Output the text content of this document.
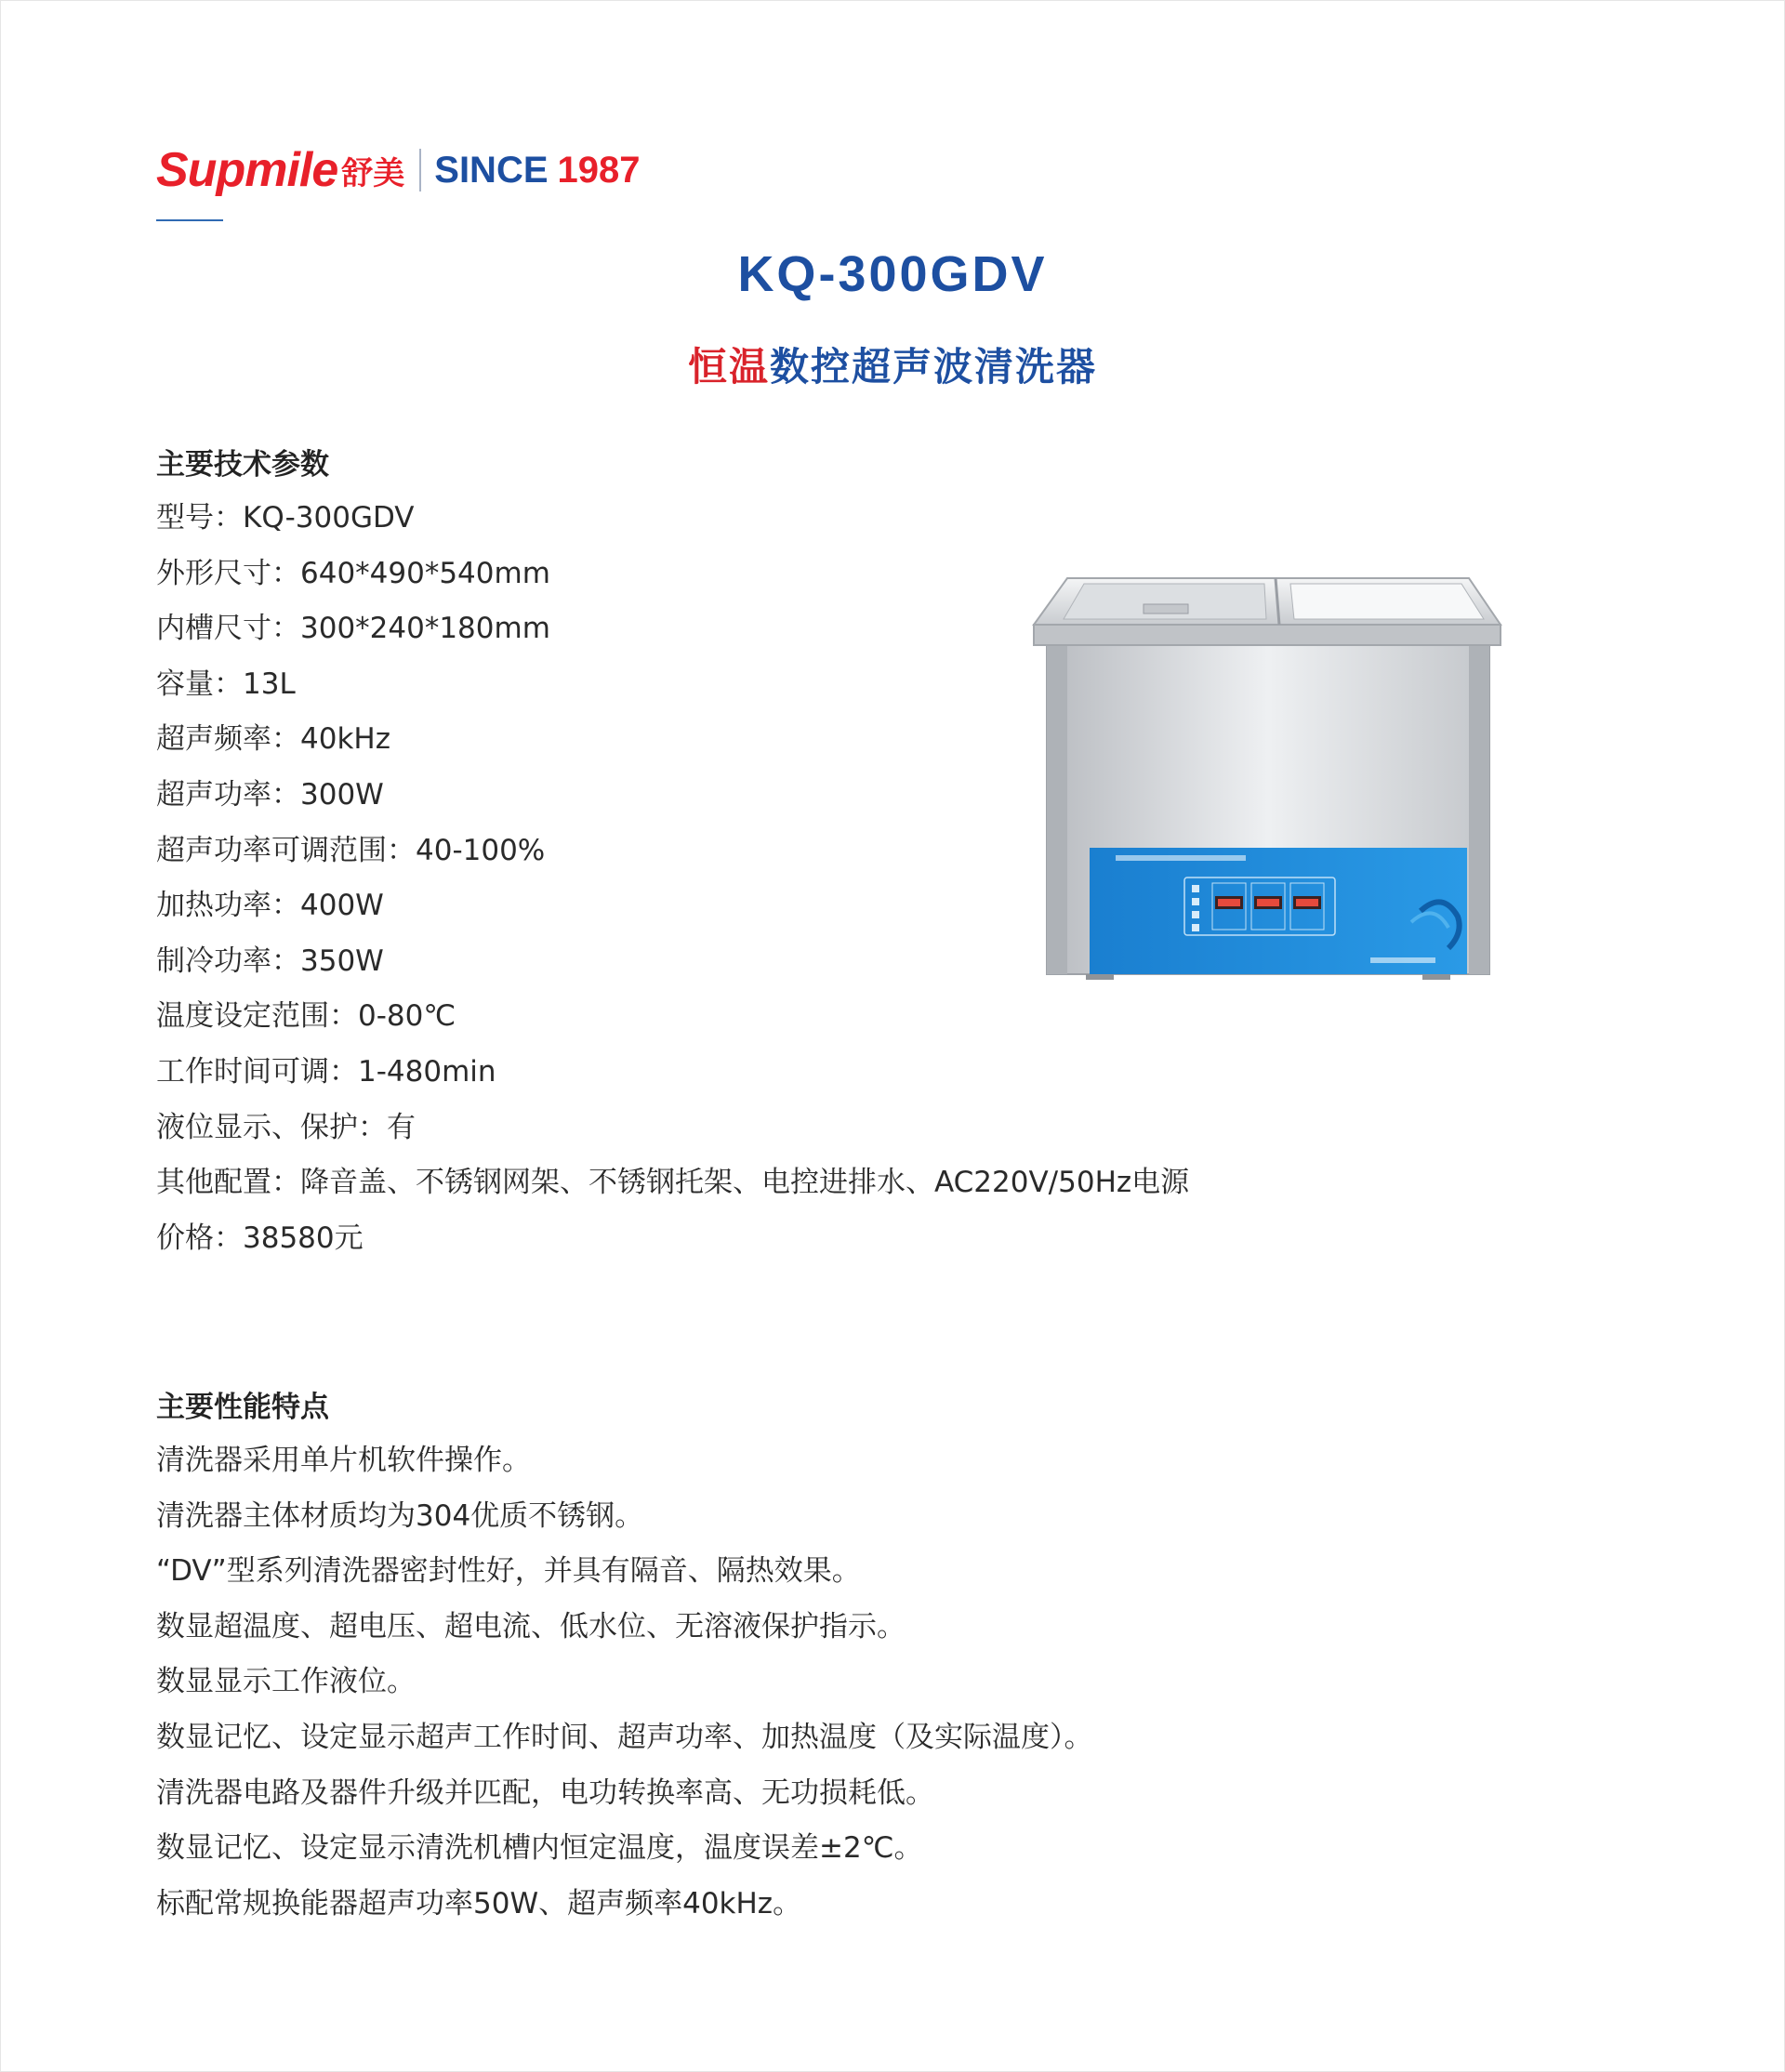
Supmile 舒美 SINCE 1987
KQ-300GDV
恒温数控超声波清洗器
主要技术参数
型号：KQ-300GDV
外形尺寸：640*490*540mm
内槽尺寸：300*240*180mm
容量：13L
超声频率：40kHz
超声功率：300W
超声功率可调范围：40-100%
加热功率：400W
制冷功率：350W
温度设定范围：0-80℃
工作时间可调：1-480min
液位显示、保护：有
其他配置：降音盖、不锈钢网架、不锈钢托架、电控进排水、AC220V/50Hz电源
价格：38580元
主要性能特点
清洗器采用单片机软件操作。
清洗器主体材质均为304优质不锈钢。
“DV”型系列清洗器密封性好，并具有隔音、隔热效果。
数显超温度、超电压、超电流、低水位、无溶液保护指示。
数显显示工作液位。
数显记忆、设定显示超声工作时间、超声功率、加热温度（及实际温度）。
清洗器电路及器件升级并匹配，电功转换率高、无功损耗低。
数显记忆、设定显示清洗机槽内恒定温度，温度误差±2℃。
标配常规换能器超声功率50W、超声频率40kHz。
